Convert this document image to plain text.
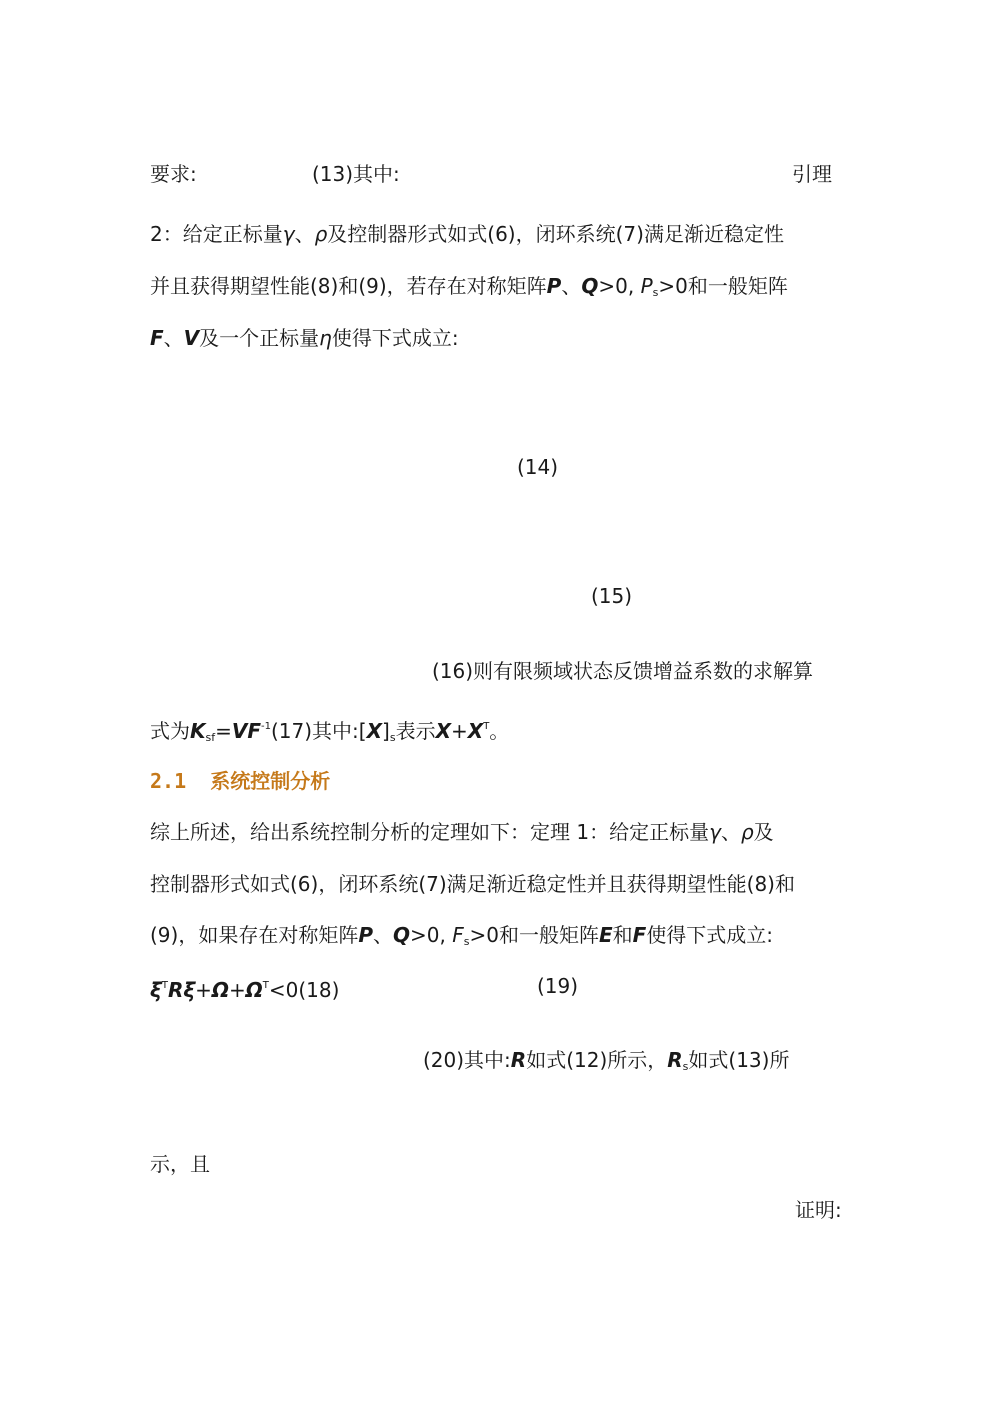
要求:	(13)其中:	引理
2：给定正标量γ、ρ及控制器形式如式(6)，闭环系统(7)满足渐近稳定性
并且获得期望性能(8)和(9)，若存在对称矩阵P、Q>0, $P_s>0$和一般矩阵
F、V及一个正标量η使得下式成立:
(14)
(15)
(16)则有限频域状态反馈增益系数的求解算
式为$K_{sf}=VF^{-1}(17)$其中$:[X]_s$表示$X+X^T$。
2.1 系统控制分析
综上所述，给出系统控制分析的定理如下：定理 1：给定正标量γ、ρ及
控制器形式如式(6)，闭环系统(7)满足渐近稳定性并且获得期望性能(8)和
(9)，如果存在对称矩阵P、Q>0, $F_s>0$和一般矩阵E和F使得下式成立:
$\xi^TR\xi+\Omega+\Omega^T<0(18)$	(19)
(20)其中:R如式(12)所示，$R_s$如式(13)所
示，且
证明:
